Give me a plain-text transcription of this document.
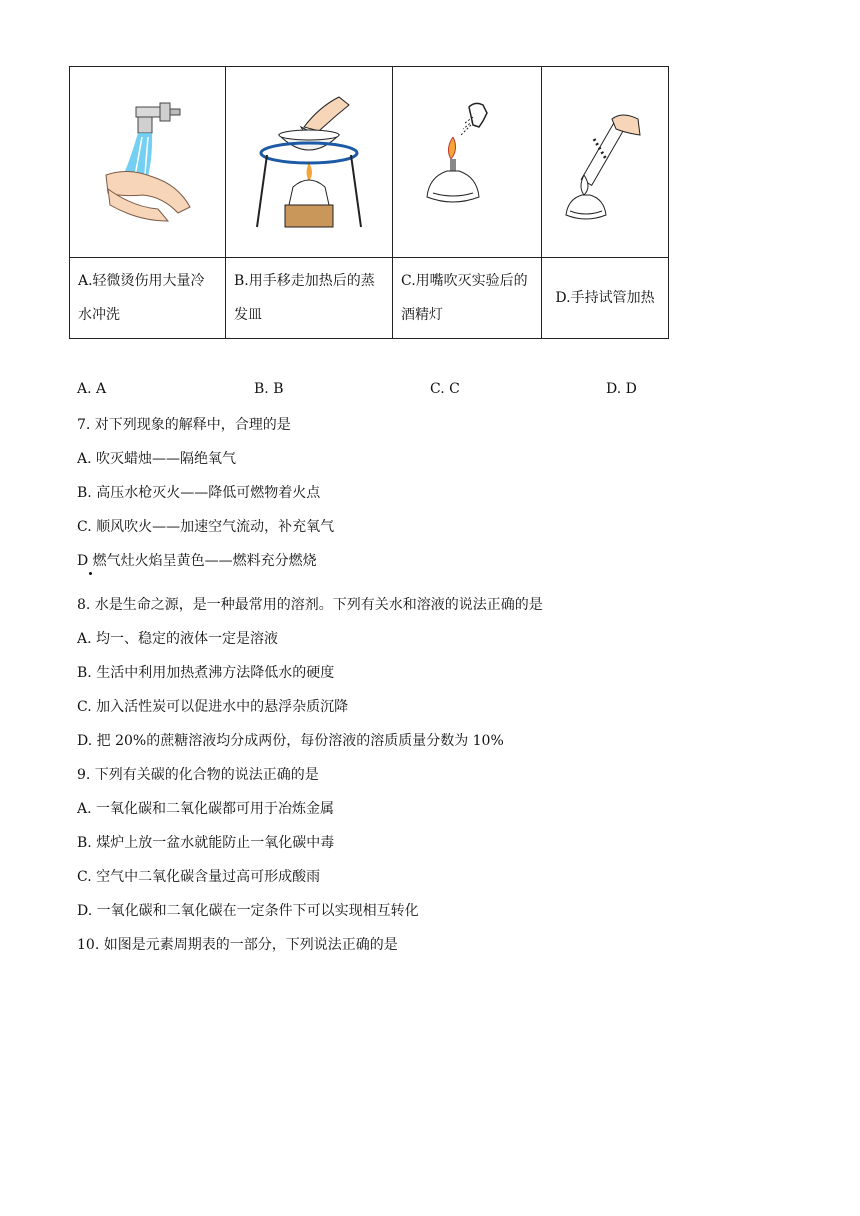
A.轻微烫伤用大量冷水冲洗	B.用手移走加热后的蒸发皿	C.用嘴吹灭实验后的酒精灯	D.手持试管加热
A. A	B. B	C. C	D. D
7. 对下列现象的解释中，合理的是
A. 吹灭蜡烛——隔绝氧气
B. 高压水枪灭火——降低可燃物着火点
C. 顺风吹火——加速空气流动，补充氧气
D 燃气灶火焰呈黄色——燃料充分燃烧
8. 水是生命之源，是一种最常用的溶剂。下列有关水和溶液的说法正确的是
A. 均一、稳定的液体一定是溶液
B. 生活中利用加热煮沸方法降低水的硬度
C. 加入活性炭可以促进水中的悬浮杂质沉降
D. 把 20%的蔗糖溶液均分成两份，每份溶液的溶质质量分数为 10%
9. 下列有关碳的化合物的说法正确的是
A. 一氧化碳和二氧化碳都可用于冶炼金属
B. 煤炉上放一盆水就能防止一氧化碳中毒
C. 空气中二氧化碳含量过高可形成酸雨
D. 一氧化碳和二氧化碳在一定条件下可以实现相互转化
10. 如图是元素周期表的一部分，下列说法正确的是
